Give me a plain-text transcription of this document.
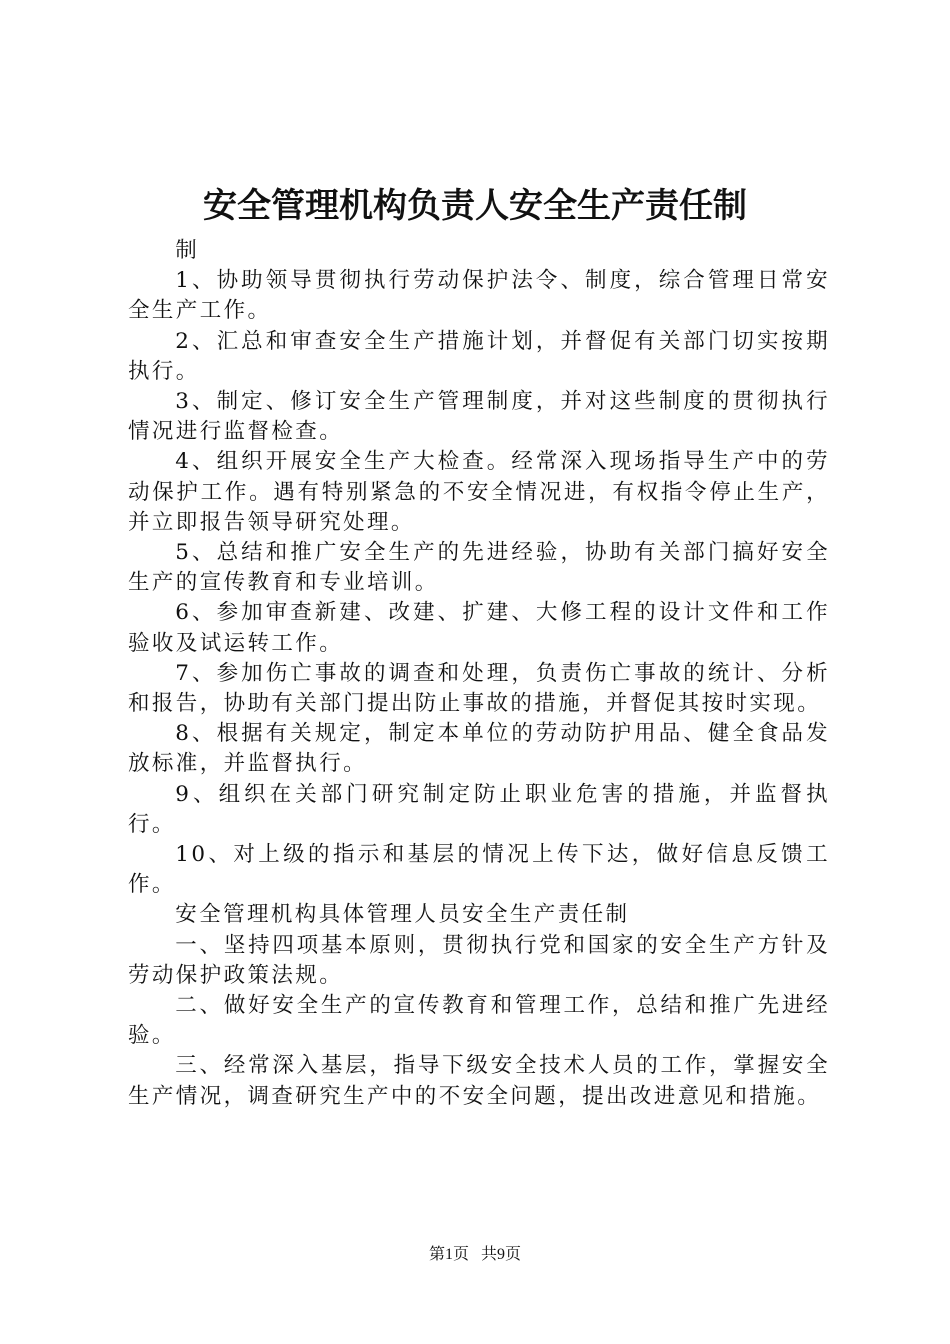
安全管理机构负责人安全生产责任制

制

1、协助领导贯彻执行劳动保护法令、制度，综合管理日常安全生产工作。

2、汇总和审查安全生产措施计划，并督促有关部门切实按期执行。

3、制定、修订安全生产管理制度，并对这些制度的贯彻执行情况进行监督检查。

4、组织开展安全生产大检查。经常深入现场指导生产中的劳动保护工作。遇有特别紧急的不安全情况进，有权指令停止生产，并立即报告领导研究处理。

5、总结和推广安全生产的先进经验，协助有关部门搞好安全生产的宣传教育和专业培训。

6、参加审查新建、改建、扩建、大修工程的设计文件和工作验收及试运转工作。

7、参加伤亡事故的调查和处理，负责伤亡事故的统计、分析和报告，协助有关部门提出防止事故的措施，并督促其按时实现。

8、根据有关规定，制定本单位的劳动防护用品、健全食品发放标准，并监督执行。

9、组织在关部门研究制定防止职业危害的措施，并监督执行。

10、对上级的指示和基层的情况上传下达，做好信息反馈工作。

安全管理机构具体管理人员安全生产责任制

一、坚持四项基本原则，贯彻执行党和国家的安全生产方针及劳动保护政策法规。

二、做好安全生产的宣传教育和管理工作，总结和推广先进经验。

三、经常深入基层，指导下级安全技术人员的工作，掌握安全生产情况，调查研究生产中的不安全问题，提出改进意见和措施。

第1页 共9页
